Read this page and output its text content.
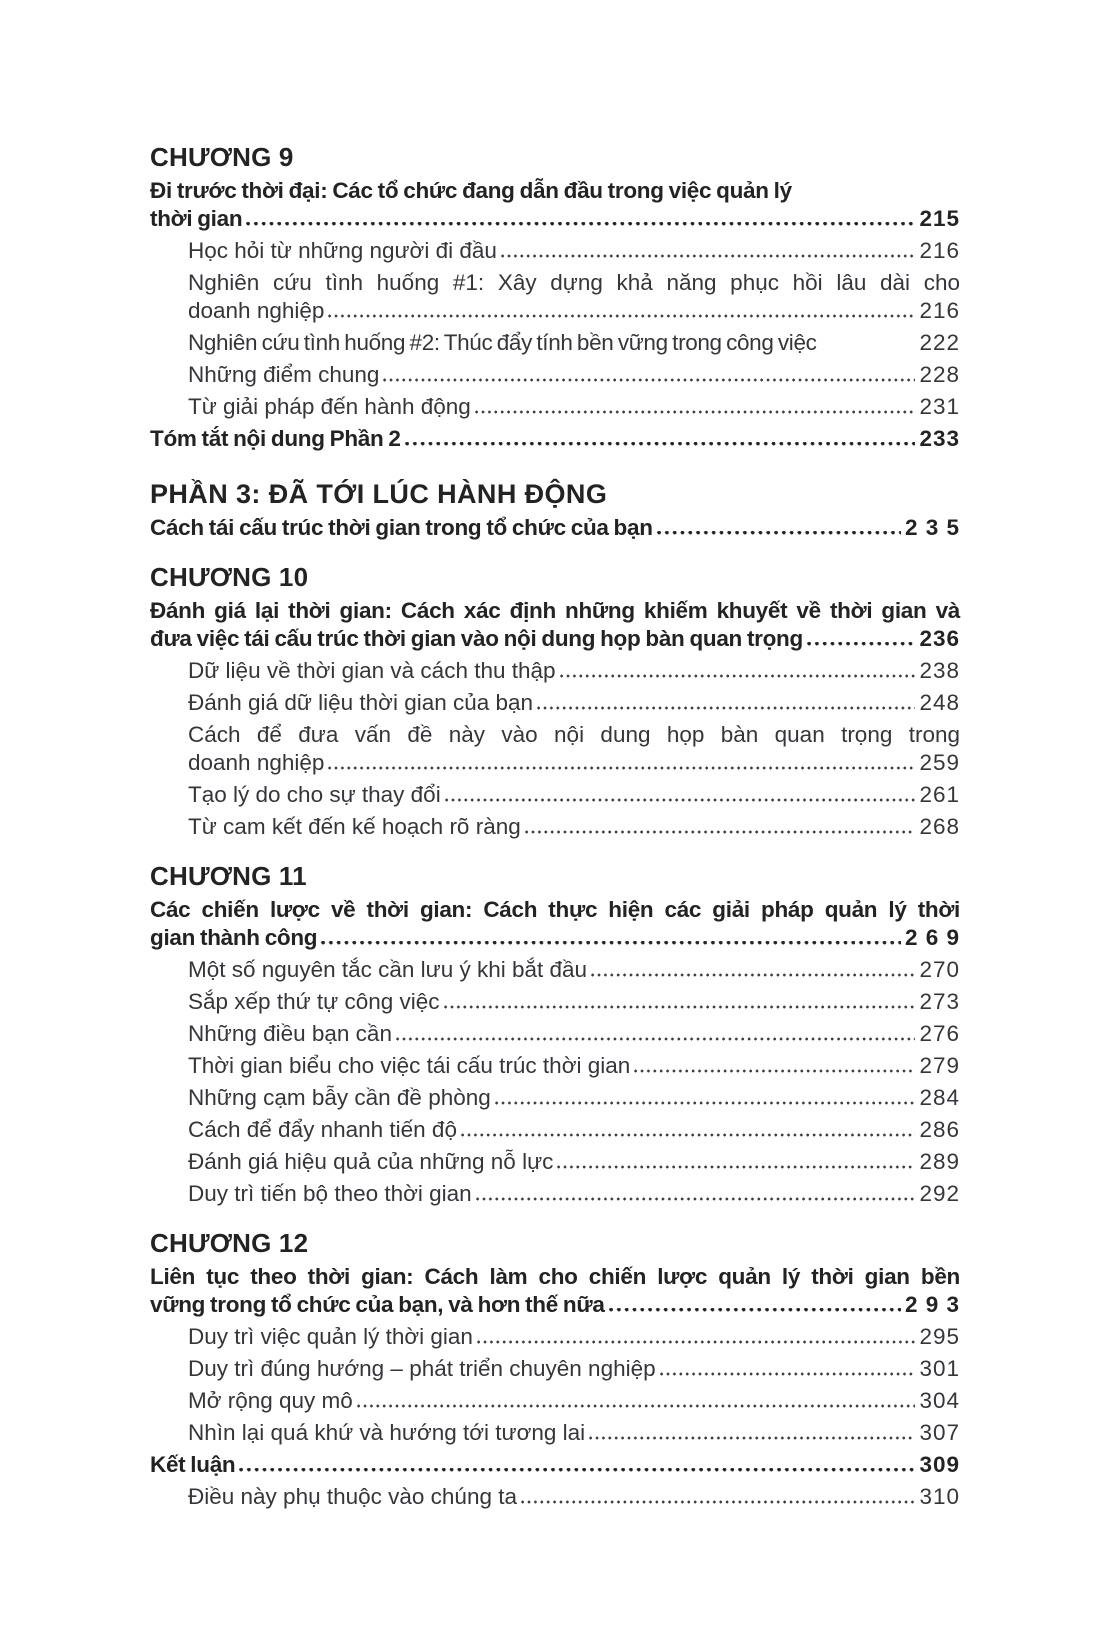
CHƯƠNG 9
Đi trước thời đại: Các tổ chức đang dẫn đầu trong việc quản lý
thời gian	215
Học hỏi từ những người đi đầu	216
Nghiên cứu tình huống #1: Xây dựng khả năng phục hồi lâu dài cho
doanh nghiệp	216
Nghiên cứu tình huống #2: Thúc đẩy tính bền vững trong công việc	222
Những điểm chung	228
Từ giải pháp đến hành động	231
Tóm tắt nội dung Phần 2	233
PHẦN 3: ĐÃ TỚI LÚC HÀNH ĐỘNG
Cách tái cấu trúc thời gian trong tổ chức của bạn	2 3 5
CHƯƠNG 10
Đánh giá lại thời gian: Cách xác định những khiếm khuyết về thời gian và
đưa việc tái cấu trúc thời gian vào nội dung họp bàn quan trọng	236
Dữ liệu về thời gian và cách thu thập	238
Đánh giá dữ liệu thời gian của bạn	248
Cách để đưa vấn đề này vào nội dung họp bàn quan trọng trong
doanh nghiệp	259
Tạo lý do cho sự thay đổi	261
Từ cam kết đến kế hoạch rõ ràng	268
CHƯƠNG 11
Các chiến lược về thời gian: Cách thực hiện các giải pháp quản lý thời
gian thành công	2 6 9
Một số nguyên tắc cần lưu ý khi bắt đầu	270
Sắp xếp thứ tự công việc	273
Những điều bạn cần	276
Thời gian biểu cho việc tái cấu trúc thời gian	279
Những cạm bẫy cần đề phòng	284
Cách để đẩy nhanh tiến độ	286
Đánh giá hiệu quả của những nỗ lực	289
Duy trì tiến bộ theo thời gian	292
CHƯƠNG 12
Liên tục theo thời gian: Cách làm cho chiến lược quản lý thời gian bền
vững trong tổ chức của bạn, và hơn thế nữa	2 9 3
Duy trì việc quản lý thời gian	295
Duy trì đúng hướng – phát triển chuyên nghiệp	301
Mở rộng quy mô	304
Nhìn lại quá khứ và hướng tới tương lai	307
Kết luận	309
Điều này phụ thuộc vào chúng ta	310
